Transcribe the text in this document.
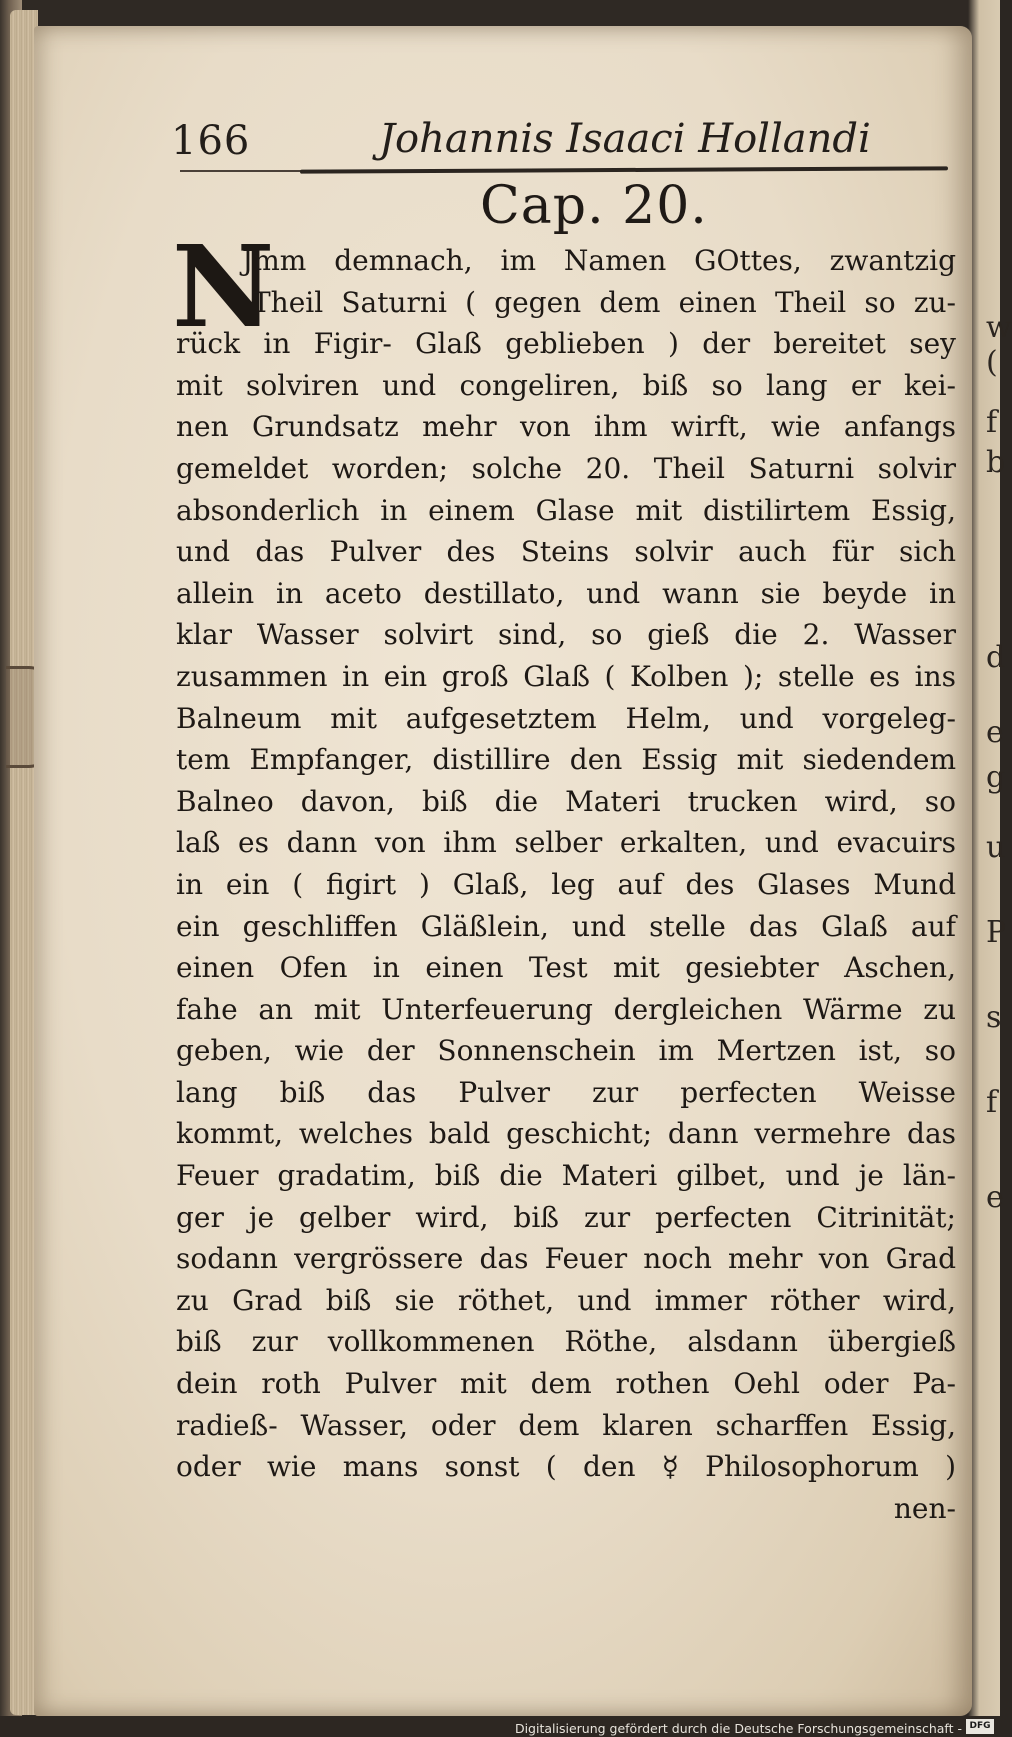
w
(
f
b
d
e
g
u
P
s
f
e
166	Johannis Isaaci Hollandi
Cap. 20.
N
Jmm demnach, im Namen GOttes, zwantzig
Theil Saturni ( gegen dem einen Theil so zu-
rück in Figir- Glaß geblieben ) der bereitet sey
mit solviren und congeliren, biß so lang er kei-
nen Grundsatz mehr von ihm wirft, wie anfangs
gemeldet worden; solche 20. Theil Saturni solvir
absonderlich in einem Glase mit distilirtem Essig,
und das Pulver des Steins solvir auch für sich
allein in aceto destillato, und wann sie beyde in
klar Wasser solvirt sind, so gieß die 2. Wasser
zusammen in ein groß Glaß ( Kolben ); stelle es ins
Balneum mit aufgesetztem Helm, und vorgeleg-
tem Empfanger, distillire den Essig mit siedendem
Balneo davon, biß die Materi trucken wird, so
laß es dann von ihm selber erkalten, und evacuirs
in ein ( figirt ) Glaß, leg auf des Glases Mund
ein geschliffen Gläßlein, und stelle das Glaß auf
einen Ofen in einen Test mit gesiebter Aschen,
fahe an mit Unterfeuerung dergleichen Wärme zu
geben, wie der Sonnenschein im Mertzen ist, so
lang biß das Pulver zur perfecten Weisse
kommt, welches bald geschicht; dann vermehre das
Feuer gradatim, biß die Materi gilbet, und je län-
ger je gelber wird, biß zur perfecten Citrinität;
sodann vergrössere das Feuer noch mehr von Grad
zu Grad biß sie röthet, und immer röther wird,
biß zur vollkommenen Röthe, alsdann übergieß
dein roth Pulver mit dem rothen Oehl oder Pa-
radieß- Wasser, oder dem klaren scharffen Essig,
oder wie mans sonst ( den ☿ Philosophorum )
nen-
Digitalisierung gefördert durch die Deutsche Forschungsgemeinschaft - DFG
